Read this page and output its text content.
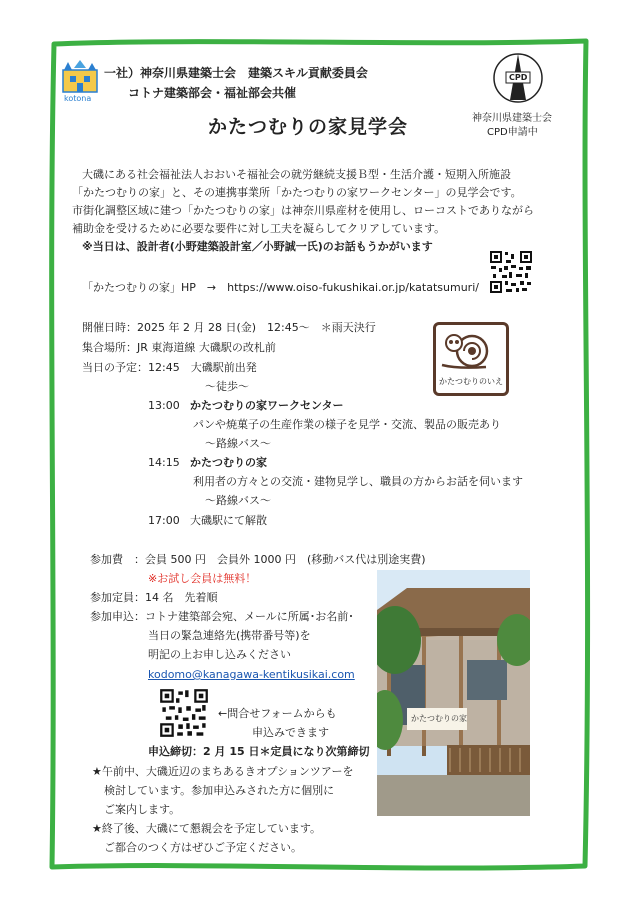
kotona
一社）神奈川県建築士会　建築スキル貢献委員会
コトナ建築部会・福祉部会共催
CPD
神奈川県建築士会
CPD申請中
かたつむりの家見学会
大磯にある社会福祉法人おおいそ福祉会の就労継続支援Ｂ型・生活介護・短期入所施設
「かたつむりの家」と、その連携事業所「かたつむりの家ワークセンター」の見学会です。
市街化調整区域に建つ「かたつむりの家」は神奈川県産材を使用し、ローコストでありながら
補助金を受けるために必要な要件に対し工夫を凝らしてクリアしています。
※当日は、設計者(小野建築設計室／小野誠一氏)のお話もうかがいます
「かたつむりの家」HP　→　https://www.oiso-fukushikai.or.jp/katatsumuri/
開催日時：2025 年 2 月 28 日(金)　12:45～　＊雨天決行
集合場所：JR 東海道線 大磯駅の改札前
当日の予定：12:45　大磯駅前出発
～徒歩～
13:00 かたつむりの家ワークセンター
パンや焼菓子の生産作業の様子を見学・交流、製品の販売あり
～路線バス～
14:15 かたつむりの家
利用者の方々との交流・建物見学し、職員の方からお話を伺います
～路線バス～
17:00 大磯駅にて解散
かたつむりのいえ
参加費　：会員 500 円　会員外 1000 円　(移動バス代は別途実費)
※お試し会員は無料！
参加定員：14 名　先着順
参加申込：コトナ建築部会宛、メールに所属･お名前･
当日の緊急連絡先(携帯番号等)を
明記の上お申し込みください
kodomo@kanagawa-kentikusikai.com
←問合せフォームからも
申込みできます
申込締切：2 月 15 日＊定員になり次第締切
★午前中、大磯近辺のまちあるきオプションツアーを
検討しています。参加申込みされた方に個別に
ご案内します。
★終了後、大磯にて懇親会を予定しています。
ご都合のつく方はぜひご予定ください。
かたつむりの家
